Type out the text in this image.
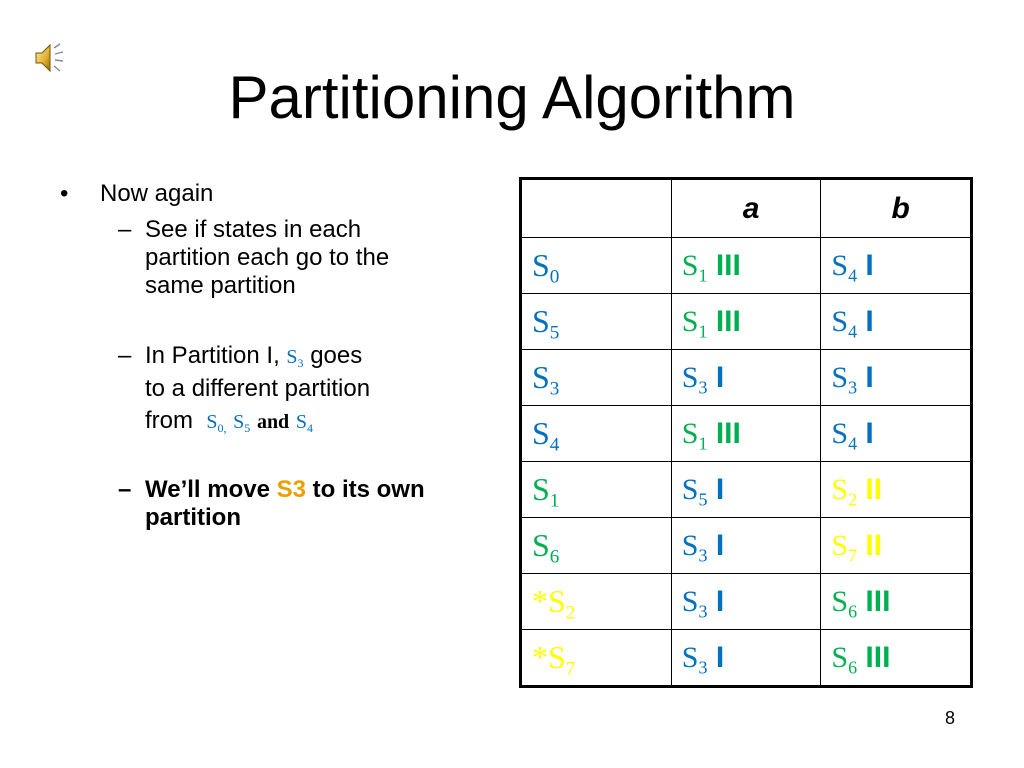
Partitioning Algorithm
• Now again
– See if states in each partition each go to the same partition
– In Partition I, $S_3$ goes
to a different partition
from $S_{0,}$ $S_5$ and $S_4$
– We’ll move S3 to its own partition
	a	b
$S_0$	$S_1$ III	$S_4$ I
$S_5$	$S_1$ III	$S_4$ I
$S_3$	$S_3$ I	$S_3$ I
$S_4$	$S_1$ III	$S_4$ I
$S_1$	$S_5$ I	$S_2$ II
$S_6$	$S_3$ I	$S_7$ II
$*S_2$	$S_3$ I	$S_6$ III
$*S_7$	$S_3$ I	$S_6$ III
8
